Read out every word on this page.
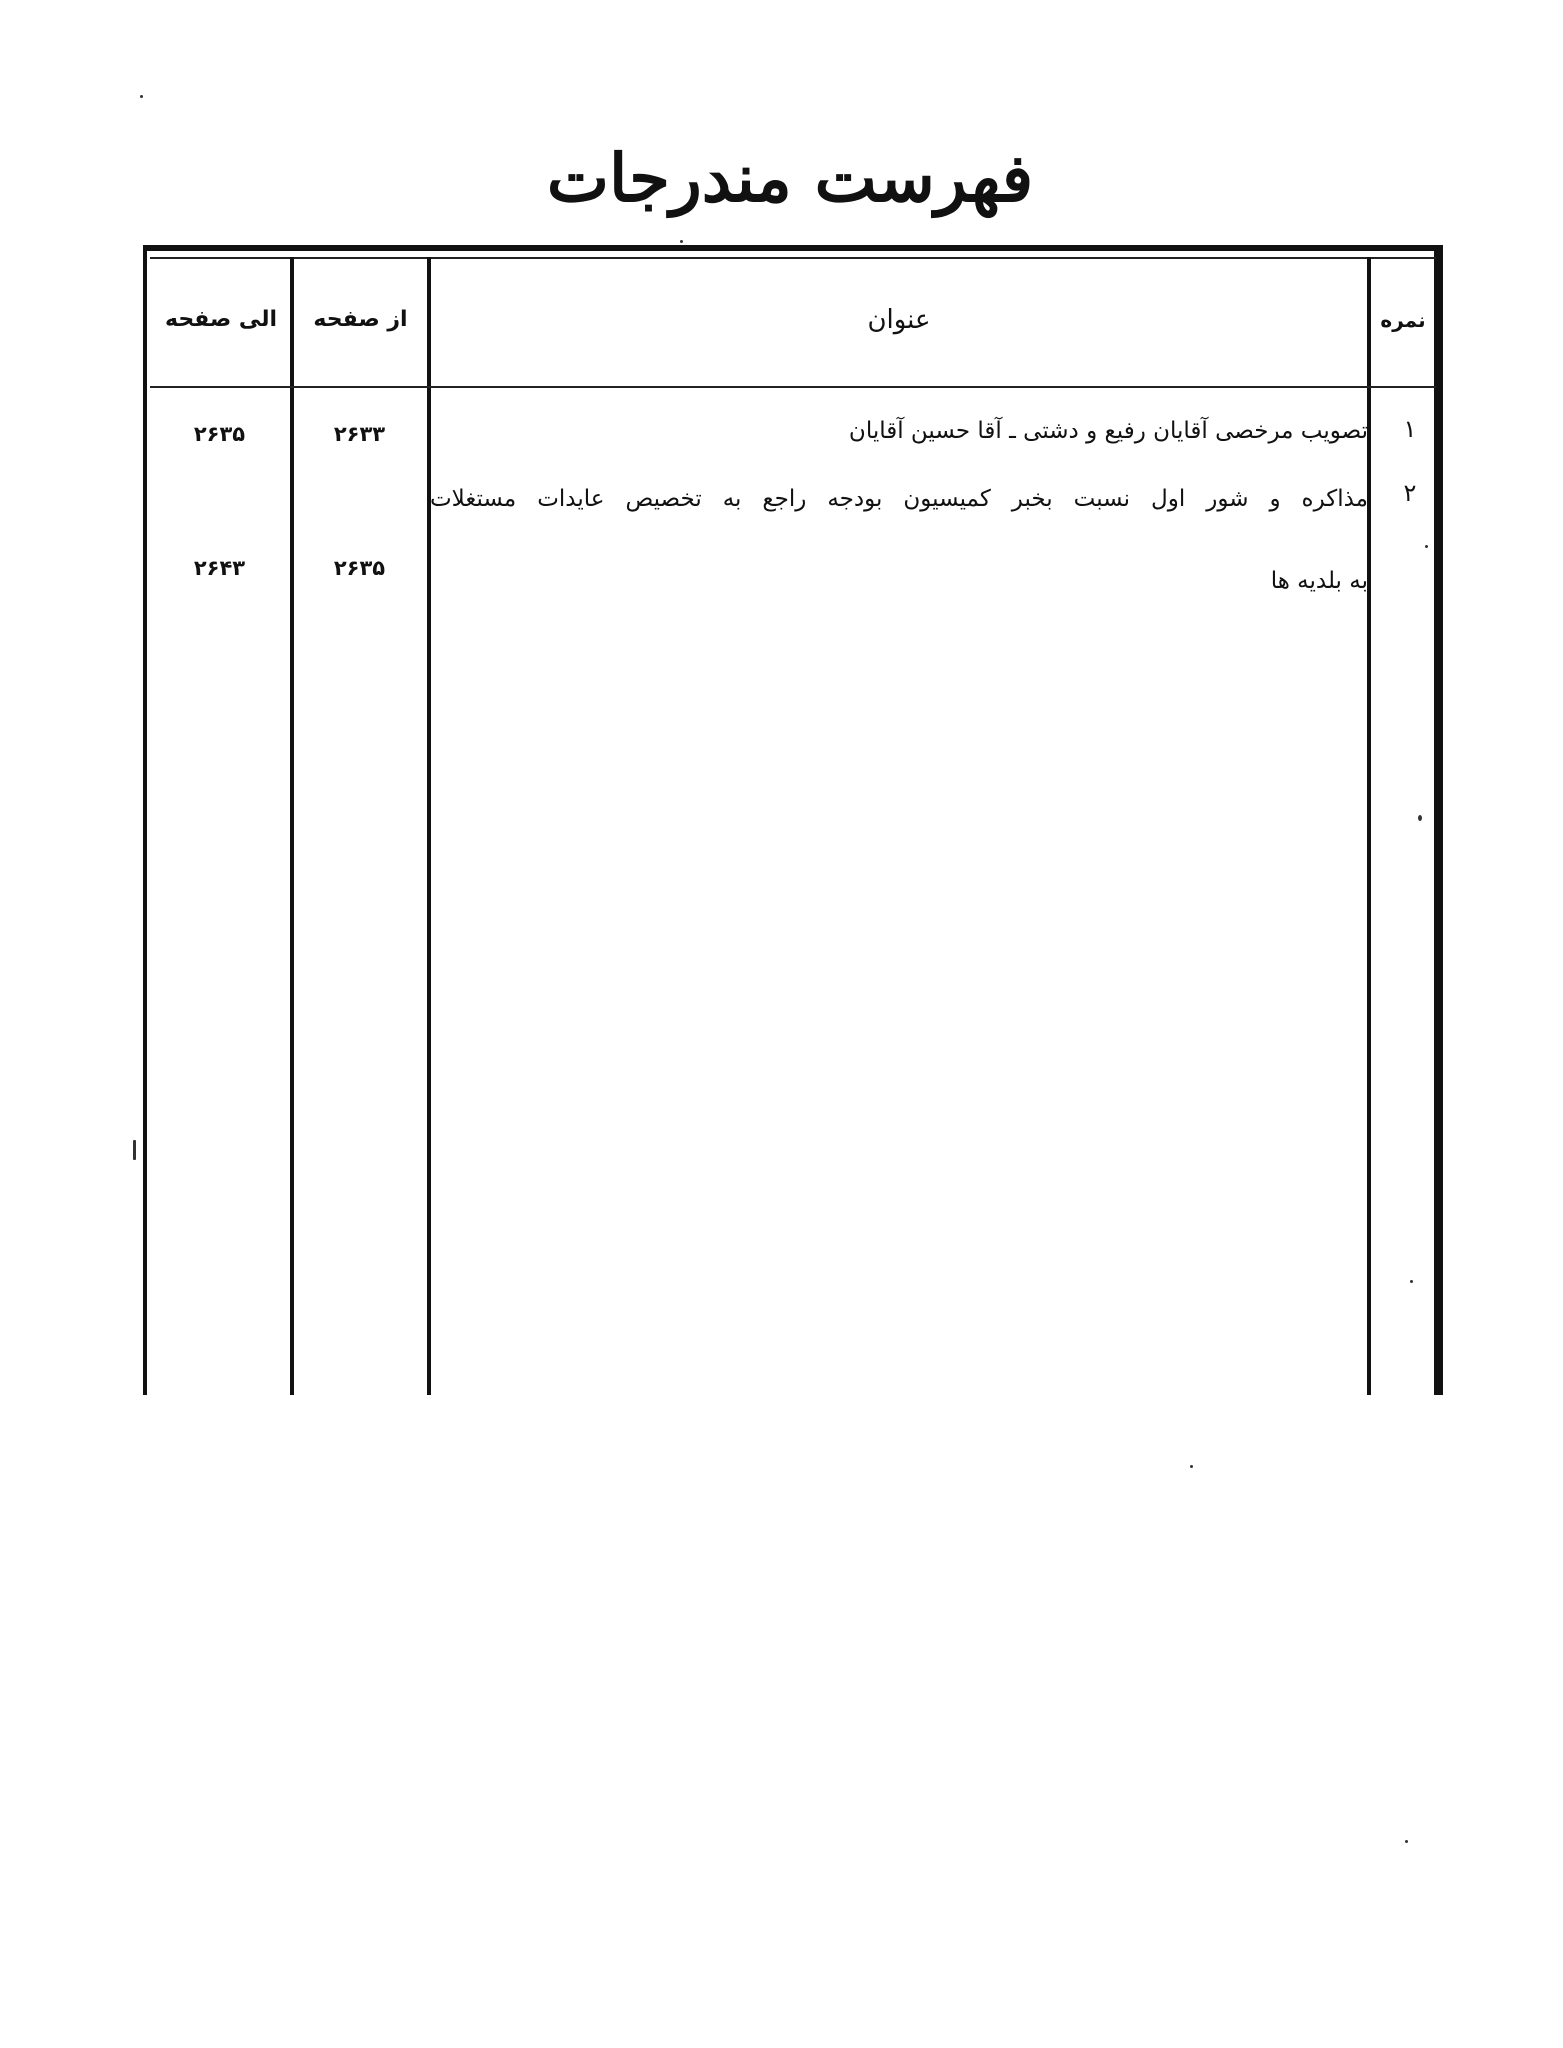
فهرست مندرجات
نمره
عنوان
از صفحه
الی صفحه
۱
تصویب مرخصی آقایان رفیع و دشتی ـ آقا حسین آقایان
۲۶۳۳
۲۶۳۵
۲
مذاکره و شور اول نسبت بخبر کمیسیون بودجه راجع به تخصیص عایدات مستغلات
به بلدیه ها
۲۶۳۵
۲۶۴۳
